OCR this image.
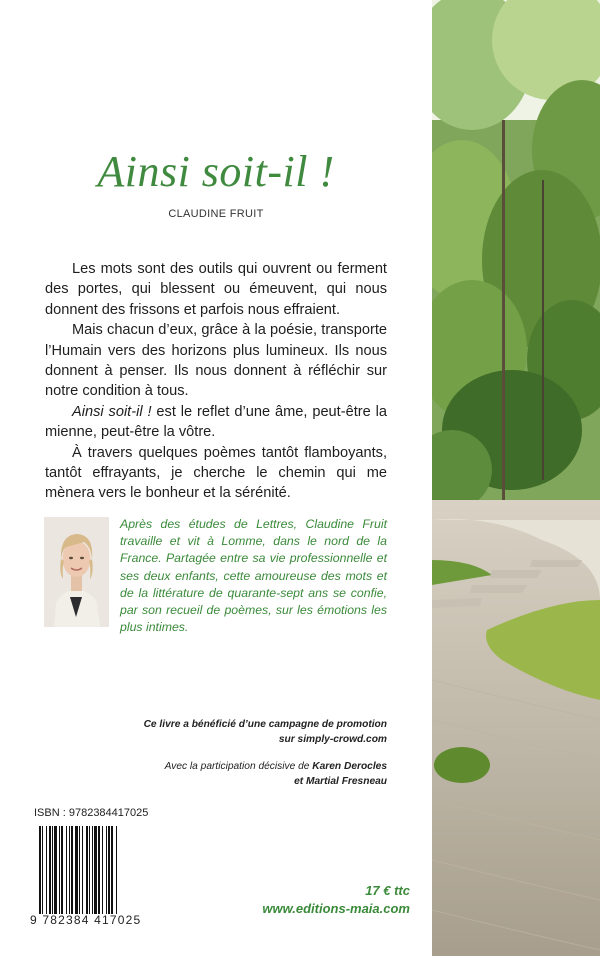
Ainsi soit-il !
CLAUDINE FRUIT

Les mots sont des outils qui ouvrent ou ferment des portes, qui blessent ou émeuvent, qui nous donnent des frissons et parfois nous effraient.

Mais chacun d’eux, grâce à la poésie, transporte l’Humain vers des horizons plus lumineux. Ils nous donnent à penser. Ils nous donnent à réfléchir sur notre condition à tous.

Ainsi soit-il ! est le reflet d’une âme, peut-être la mienne, peut-être la vôtre.

À travers quelques poèmes tantôt flamboyants, tantôt effrayants, je cherche le chemin qui me mènera vers le bonheur et la sérénité.

Après des études de Lettres, Claudine Fruit travaille et vit à Lomme, dans le nord de la France. Partagée entre sa vie professionnelle et ses deux enfants, cette amoureuse des mots et de la littérature de quarante-sept ans se confie, par son recueil de poèmes, sur les émotions les plus intimes.
Ce livre a bénéficié d’une campagne de promotion
sur simply-crowd.com
Avec la participation décisive de Karen Derocles
et Martial Fresneau
ISBN : 9782384417025
9 782384 417025
17 € ttc
www.editions-maia.com
